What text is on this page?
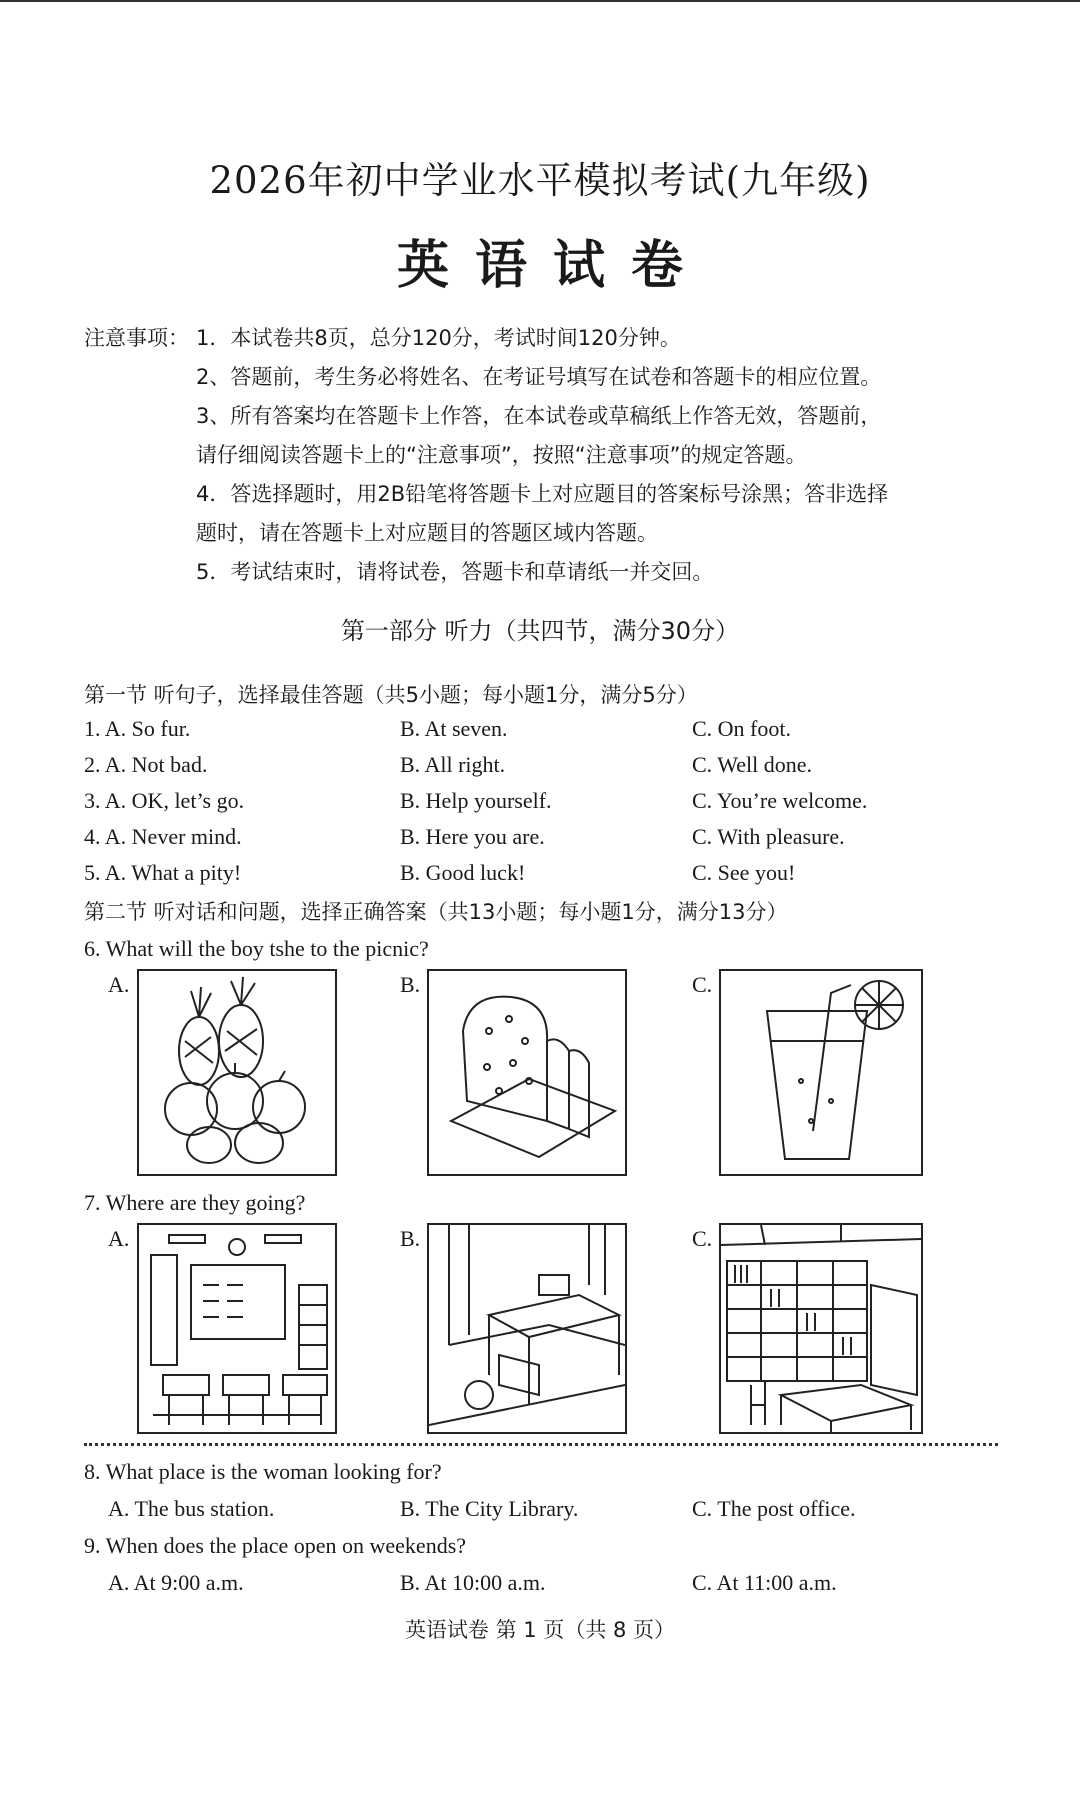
2026年初中学业水平模拟考试(九年级)
英语试卷
注意事项： 1．本试卷共8页，总分120分，考试时间120分钟。
2、答题前，考生务必将姓名、在考证号填写在试卷和答题卡的相应位置。
3、所有答案均在答题卡上作答，在本试卷或草稿纸上作答无效，答题前，
请仔细阅读答题卡上的“注意事项”，按照“注意事项”的规定答题。
4．答选择题时，用2B铅笔将答题卡上对应题目的答案标号涂黑；答非选择
题时，请在答题卡上对应题目的答题区域内答题。
5．考试结束时，请将试卷，答题卡和草请纸一并交回。
第一部分 听力（共四节，满分30分）
第一节 听句子，选择最佳答题（共5小题；每小题1分，满分5分）
1. A. So fur.	B. At seven.	C. On foot.
2. A. Not bad.	B. All right.	C. Well done.
3. A. OK, let’s go.	B. Help yourself.	C. You’re welcome.
4. A. Never mind.	B. Here you are.	C. With pleasure.
5. A. What a pity!	B. Good luck!	C. See you!
第二节 听对话和问题，选择正确答案（共13小题；每小题1分，满分13分）
6. What will the boy tshe to the picnic?
A.	B.	C.
7. Where are they going?
A.	B.	C.
8. What place is the woman looking for?
A. The bus station.	B. The City Library.	C. The post office.
9. When does the place open on weekends?
A. At 9:00 a.m.	B. At 10:00 a.m.	C. At 11:00 a.m.
英语试卷 第 1 页（共 8 页）
